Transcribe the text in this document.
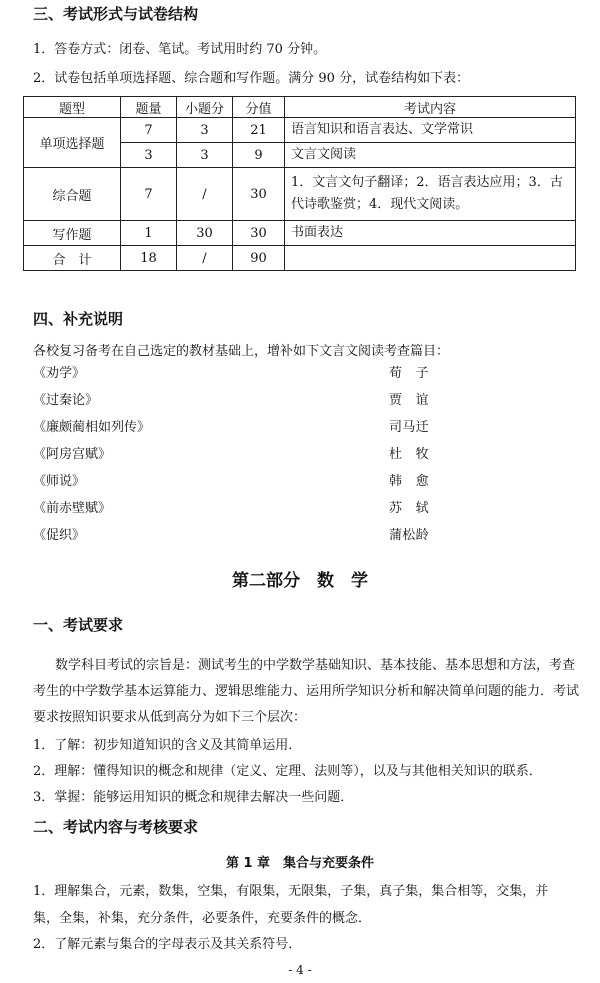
三、考试形式与试卷结构
1．答卷方式：闭卷、笔试。考试用时约 70 分钟。
2．试卷包括单项选择题、综合题和写作题。满分 90 分，试卷结构如下表：
题型	题量	小题分	分值	考试内容
单项选择题	7	3	21	语言知识和语言表达、文学常识
	3	3	9	文言文阅读
综合题	7	/	30	1．文言文句子翻译；2．语言表达应用；3．古代诗歌鉴赏；4．现代文阅读。
写作题	1	30	30	书面表达
合　计	18	/	90	
四、补充说明
各校复习备考在自己选定的教材基础上，增补如下文言文阅读考查篇目：
《劝学》	荀　子
《过秦论》	贾　谊
《廉颇蔺相如列传》	司马迁
《阿房宫赋》	杜　牧
《师说》	韩　愈
《前赤壁赋》	苏　轼
《促织》	蒲松龄
第二部分　数　学
一、考试要求
数学科目考试的宗旨是：测试考生的中学数学基础知识、基本技能、基本思想和方法，考查
考生的中学数学基本运算能力、逻辑思维能力、运用所学知识分析和解决简单问题的能力．考试
要求按照知识要求从低到高分为如下三个层次：
1．了解：初步知道知识的含义及其简单运用．
2．理解：懂得知识的概念和规律（定义、定理、法则等），以及与其他相关知识的联系．
3．掌握：能够运用知识的概念和规律去解决一些问题．
二、考试内容与考核要求
第 1 章　集合与充要条件
1．理解集合，元素，数集，空集，有限集，无限集，子集，真子集，集合相等，交集，并
集，全集，补集，充分条件，必要条件，充要条件的概念．
2．了解元素与集合的字母表示及其关系符号．
- 4 -
